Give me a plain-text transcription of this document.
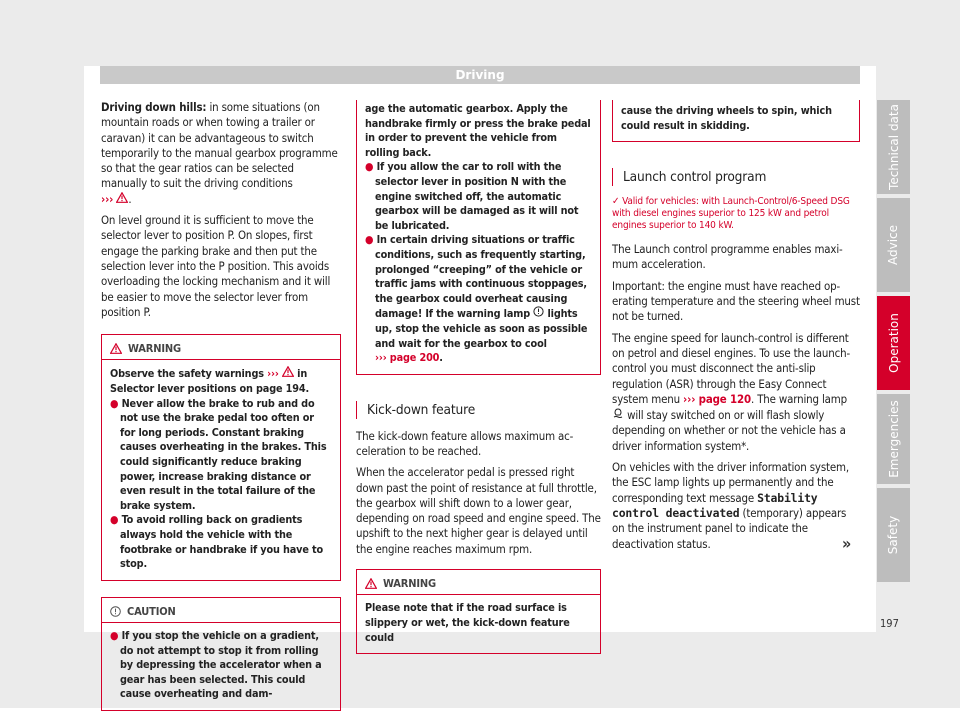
Driving

Driving down hills: in some situations (on mountain roads or when towing a trailer or caravan) it can be advantageous to switch temporarily to the manual gearbox programme so that the gear ratios can be selected manually to suit the driving conditions
››› .

On level ground it is sufficient to move the selector lever to position P. On slopes, first engage the parking brake and then put the selection lever into the P position. This avoids overloading the locking mechanism and it will be easier to move the selector lever from position P.

WARNING
Observe the safety warnings ››› in Selector lever positions on page 194.
● Never allow the brake to rub and do not use the brake pedal too often or for long periods. Constant braking causes overheating in the brakes. This could significantly reduce braking power, increase braking distance or even result in the total failure of the brake system.
● To avoid rolling back on gradients always hold the vehicle with the footbrake or handbrake if you have to stop.
CAUTION
● If you stop the vehicle on a gradient, do not attempt to stop it from rolling by depressing the accelerator when a gear has been selected. This could cause overheating and dam-
age the automatic gearbox. Apply the handbrake firmly or press the brake pedal in order to prevent the vehicle from rolling back.
● If you allow the car to roll with the selector lever in position N with the engine switched off, the automatic gearbox will be damaged as it will not be lubricated.
● In certain driving situations or traffic conditions, such as frequently starting, prolonged “creeping” of the vehicle or traffic jams with continuous stoppages, the gearbox could overheat causing damage! If the warning lamp  lights up, stop the vehicle as soon as possible and wait for the gearbox to cool
››› page 200.
Kick-down feature

The kick-down feature allows maximum acceleration to be reached.

When the accelerator pedal is pressed right down past the point of resistance at full throttle, the gearbox will shift down to a lower gear, depending on road speed and engine speed. The upshift to the next higher gear is delayed until the engine reaches maximum rpm.

WARNING
Please note that if the road surface is slippery or wet, the kick-down feature could
cause the driving wheels to spin, which could result in skidding.
Launch control program
✓ Valid for vehicles: with Launch-Control/6-Speed DSG with diesel engines superior to 125 kW and petrol engines superior to 140 kW.

The Launch control programme enables maximum acceleration.

Important: the engine must have reached operating temperature and the steering wheel must not be turned.

The engine speed for launch-control is different on petrol and diesel engines. To use the launch-control you must disconnect the anti-slip regulation (ASR) through the Easy Connect system menu ››› page 120. The warning lamp  will stay switched on or will flash slowly depending on whether or not the vehicle has a driver information system*.

On vehicles with the driver information system, the ESC lamp lights up permanently and the corresponding text message Stability control deactivated (temporary) appears on the instrument panel to indicate the deactivation status.	»
Technical data
Advice
Operation
Emergencies
Safety
197
